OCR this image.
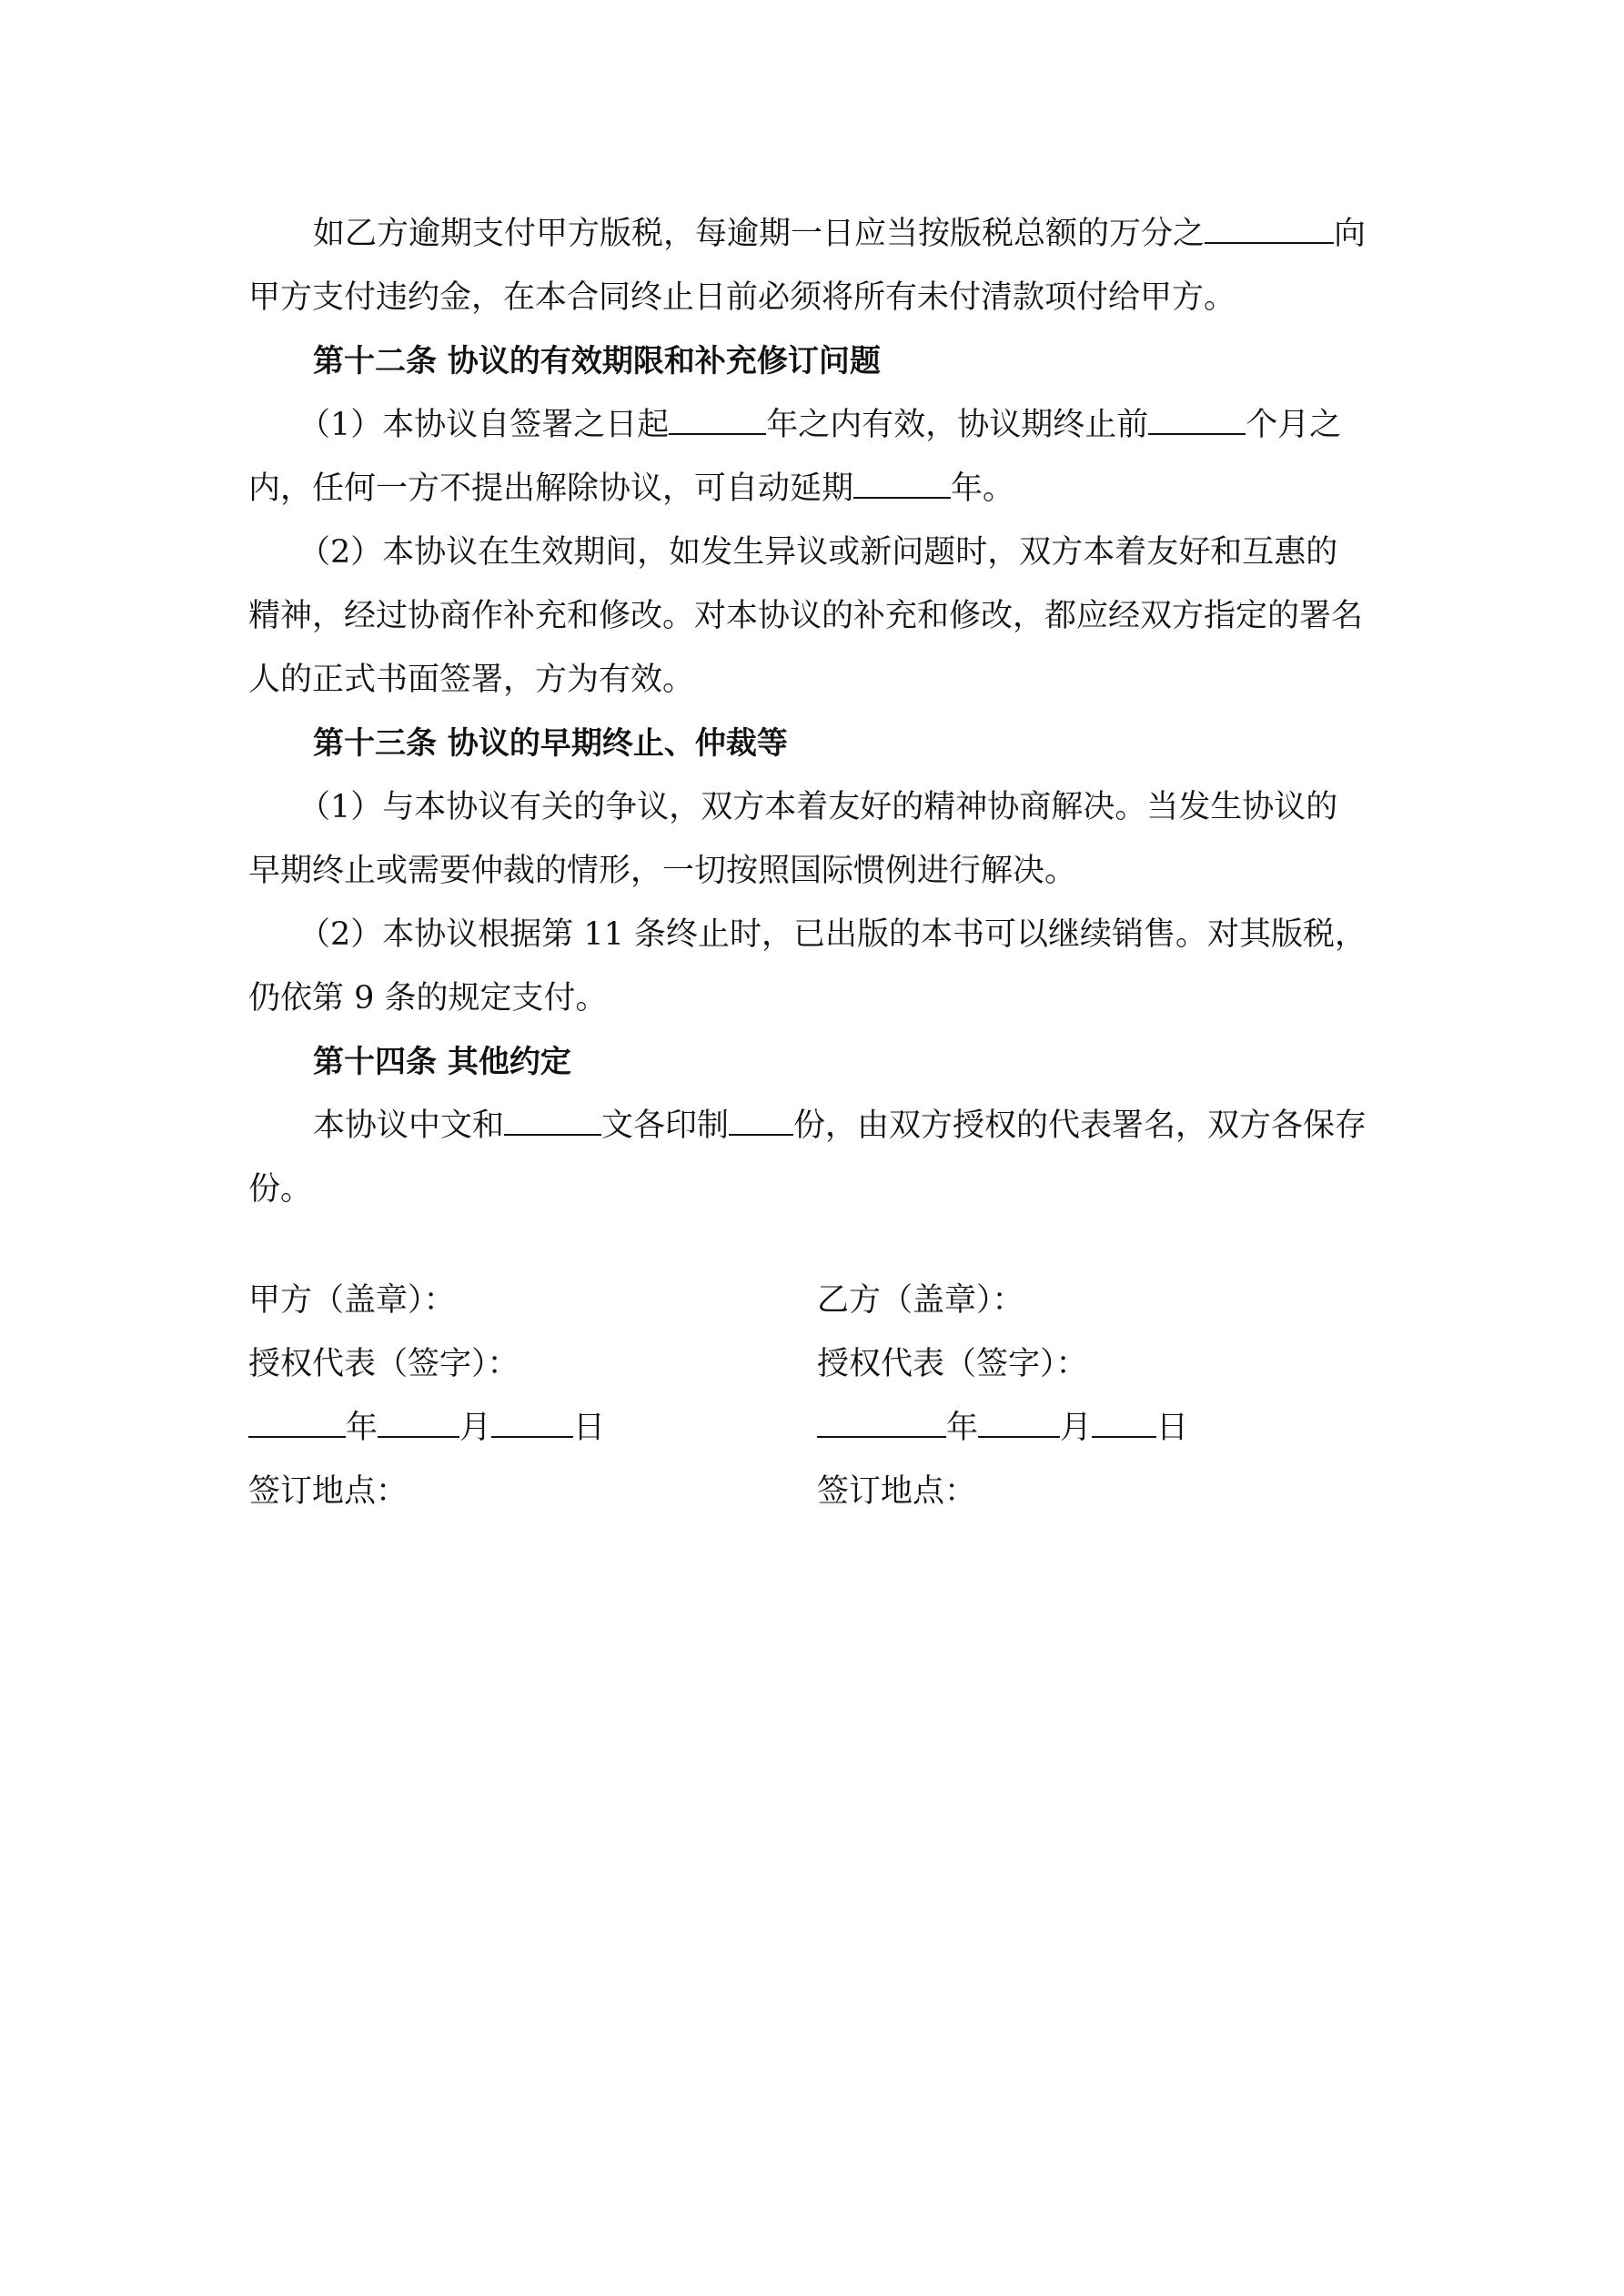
如乙方逾期支付甲方版税，每逾期一日应当按版税总额的万分之	向

甲方支付违约金，在本合同终止日前必须将所有未付清款项付给甲方。

第十二条 协议的有效期限和补充修订问题

（1）本协议自签署之日起	年之内有效，协议期终止前	个月之

内，任何一方不提出解除协议，可自动延期	年。

（2）本协议在生效期间，如发生异议或新问题时，双方本着友好和互惠的

精神，经过协商作补充和修改。对本协议的补充和修改，都应经双方指定的署名

人的正式书面签署，方为有效。

第十三条 协议的早期终止、仲裁等

（1）与本协议有关的争议，双方本着友好的精神协商解决。当发生协议的

早期终止或需要仲裁的情形，一切按照国际惯例进行解决。

（2）本协议根据第 11 条终止时，已出版的本书可以继续销售。对其版税，

仍依第 9 条的规定支付。

第十四条 其他约定

本协议中文和	文各印制 份，由双方授权的代表署名，双方各保存

份。

甲方（盖章）：	乙方（盖章）：
授权代表（签字）：	授权代表（签字）：
年	月	日	年	月 日
签订地点：	签订地点：
